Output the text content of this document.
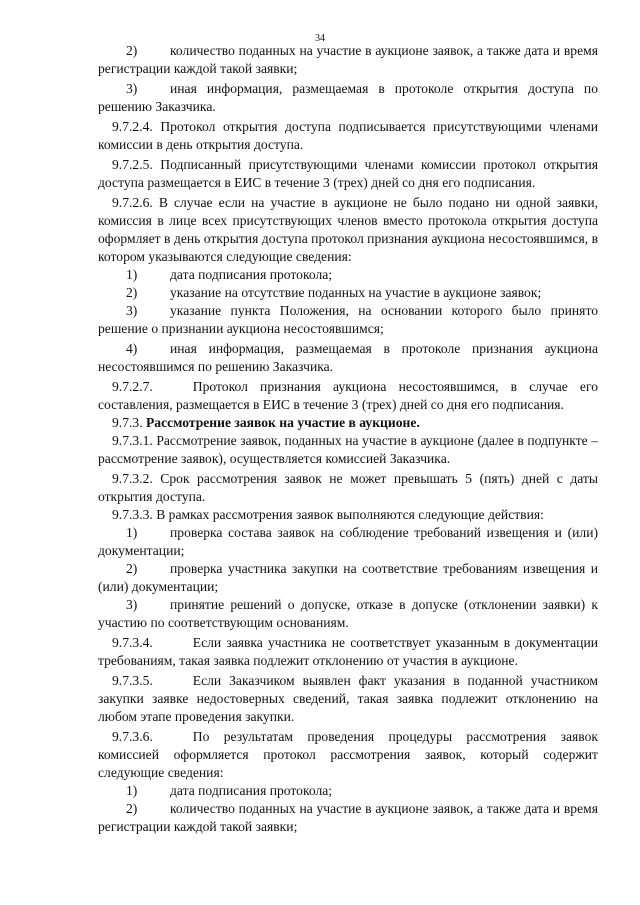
34

2) количество поданных на участие в аукционе заявок, а также дата и время регистрации каждой такой заявки;

3) иная информация, размещаемая в протоколе открытия доступа по решению Заказчика.

9.7.2.4. Протокол открытия доступа подписывается присутствующими членами комиссии в день открытия доступа.

9.7.2.5. Подписанный присутствующими членами комиссии протокол открытия доступа размещается в ЕИС в течение 3 (трех) дней со дня его подписания.

9.7.2.6. В случае если на участие в аукционе не было подано ни одной заявки, комиссия в лице всех присутствующих членов вместо протокола открытия доступа оформляет в день открытия доступа протокол признания аукциона несостоявшимся, в котором указываются следующие сведения:

1) дата подписания протокола;

2) указание на отсутствие поданных на участие в аукционе заявок;

3) указание пункта Положения, на основании которого было принято решение о признании аукциона несостоявшимся;

4) иная информация, размещаемая в протоколе признания аукциона несостоявшимся по решению Заказчика.

9.7.2.7.	Протокол признания аукциона несостоявшимся, в случае его составления, размещается в ЕИС в течение 3 (трех) дней со дня его подписания.

9.7.3. Рассмотрение заявок на участие в аукционе.

9.7.3.1. Рассмотрение заявок, поданных на участие в аукционе (далее в подпункте – рассмотрение заявок), осуществляется комиссией Заказчика.

9.7.3.2. Срок рассмотрения заявок не может превышать 5 (пять) дней с даты открытия доступа.

9.7.3.3. В рамках рассмотрения заявок выполняются следующие действия:

1) проверка состава заявок на соблюдение требований извещения и (или) документации;

2) проверка участника закупки на соответствие требованиям извещения и (или) документации;

3) принятие решений о допуске, отказе в допуске (отклонении заявки) к участию по соответствующим основаниям.

9.7.3.4.	Если заявка участника не соответствует указанным в документации требованиям, такая заявка подлежит отклонению от участия в аукционе.

9.7.3.5.	Если Заказчиком выявлен факт указания в поданной участником закупки заявке недостоверных сведений, такая заявка подлежит отклонению на любом этапе проведения закупки.

9.7.3.6.	По результатам проведения процедуры рассмотрения заявок комиссией оформляется протокол рассмотрения заявок, который содержит следующие сведения:

1) дата подписания протокола;

2) количество поданных на участие в аукционе заявок, а также дата и время регистрации каждой такой заявки;
